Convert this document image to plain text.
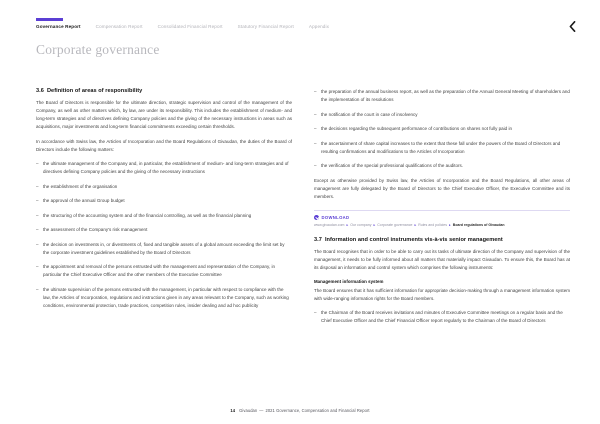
Governance Report	Compensation Report	Consolidated Financial Report	Statutory Financial Report	Appendix
Corporate governance
3.6 Definition of areas of responsibility

The Board of Directors is responsible for the ultimate direction, strategic supervision and control of the management of the Company, as well as other matters which, by law, are under its responsibility. This includes the establishment of medium- and long-term strategies and of directives defining Company policies and the giving of the necessary instructions in areas such as acquisitions, major investments and long-term financial commitments exceeding certain thresholds.

In accordance with Swiss law, the Articles of Incorporation and the Board Regulations of Givaudan, the duties of the Board of Directors include the following matters:

– the ultimate management of the Company and, in particular, the establishment of medium- and long-term strategies and of directives defining Company policies and the giving of the necessary instructions
– the establishment of the organisation
– the approval of the annual Group budget
– the structuring of the accounting system and of the financial controlling, as well as the financial planning
– the assessment of the Company's risk management
– the decision on investments in, or divestments of, fixed and tangible assets of a global amount exceeding the limit set by the corporate investment guidelines established by the Board of Directors
– the appointment and removal of the persons entrusted with the management and representation of the Company, in particular the Chief Executive Officer and the other members of the Executive Committee
– the ultimate supervision of the persons entrusted with the management, in particular with respect to compliance with the law, the Articles of Incorporation, regulations and instructions given in any areas relevant to the Company, such as working conditions, environmental protection, trade practices, competition rules, insider dealing and ad hoc publicity
– the preparation of the annual business report, as well as the preparation of the Annual General Meeting of shareholders and the implementation of its resolutions
– the notification of the court in case of insolvency
– the decisions regarding the subsequent performance of contributions on shares not fully paid in
– the ascertainment of share capital increases to the extent that these fall under the powers of the Board of Directors and resulting confirmations and modifications to the Articles of Incorporation
– the verification of the special professional qualifications of the auditors.

Except as otherwise provided by Swiss law, the Articles of Incorporation and the Board Regulations, all other areas of management are fully delegated by the Board of Directors to the Chief Executive Officer, the Executive Committee and its members.

DOWNLOAD
www.givaudan.com ▸ Our company ▸ Corporate governance ▸ Rules and policies ▸ Board regulations of Givaudan
3.7 Information and control instruments vis-à-vis senior management

The Board recognises that in order to be able to carry out its tasks of ultimate direction of the Company and supervision of the management, it needs to be fully informed about all matters that materially impact Givaudan. To ensure this, the Board has at its disposal an information and control system which comprises the following instruments:

Management information system

The Board ensures that it has sufficient information for appropriate decision-making through a management information system with wide-ranging information rights for the Board members.

– the Chairman of the Board receives invitations and minutes of Executive Committee meetings on a regular basis and the Chief Executive Officer and the Chief Financial Officer report regularly to the Chairman of the Board of Directors
14 Givaudan — 2021 Governance, Compensation and Financial Report
